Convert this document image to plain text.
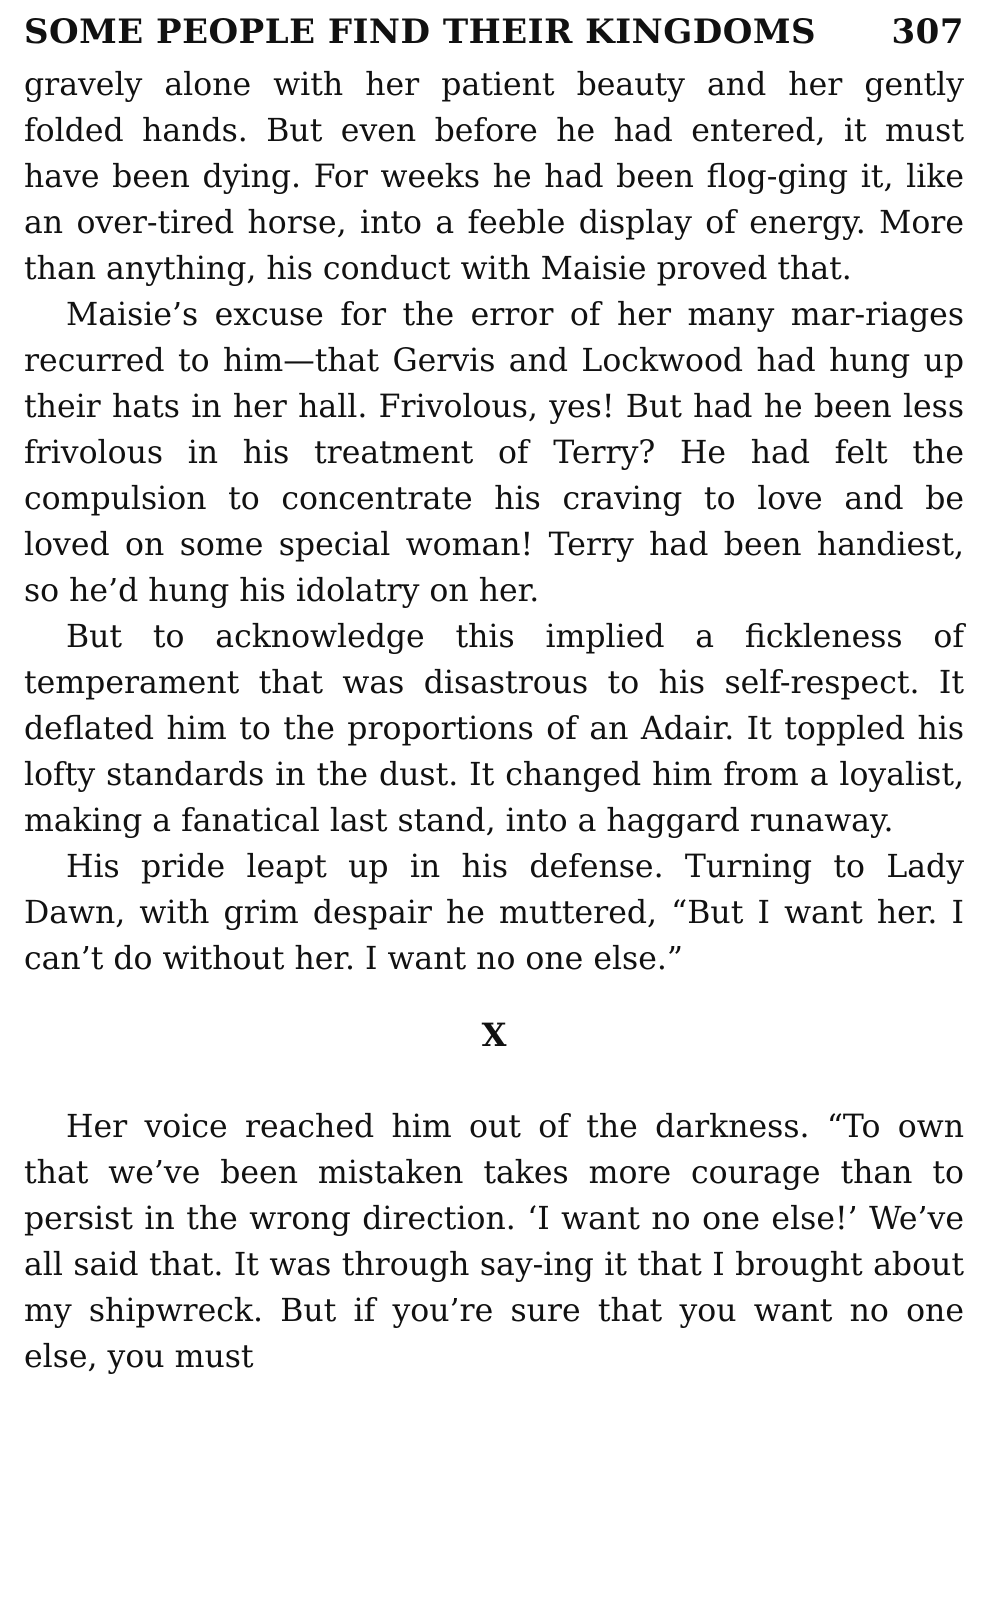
SOME PEOPLE FIND THEIR KINGDOMS 307

gravely alone with her patient beauty and her gently folded hands. But even before he had entered, it must have been dying. For weeks he had been flog-ging it, like an over-tired horse, into a feeble display of energy. More than anything, his conduct with Maisie proved that.

Maisie’s excuse for the error of her many mar-riages recurred to him—that Gervis and Lockwood had hung up their hats in her hall. Frivolous, yes! But had he been less frivolous in his treatment of Terry? He had felt the compulsion to concentrate his craving to love and be loved on some special woman! Terry had been handiest, so he’d hung his idolatry on her.

But to acknowledge this implied a fickleness of temperament that was disastrous to his self-respect. It deflated him to the proportions of an Adair. It toppled his lofty standards in the dust. It changed him from a loyalist, making a fanatical last stand, into a haggard runaway.

His pride leapt up in his defense. Turning to Lady Dawn, with grim despair he muttered, “But I want her. I can’t do without her. I want no one else.”

X

Her voice reached him out of the darkness. “To own that we’ve been mistaken takes more courage than to persist in the wrong direction. ‘I want no one else!’ We’ve all said that. It was through say-ing it that I brought about my shipwreck. But if you’re sure that you want no one else, you must
